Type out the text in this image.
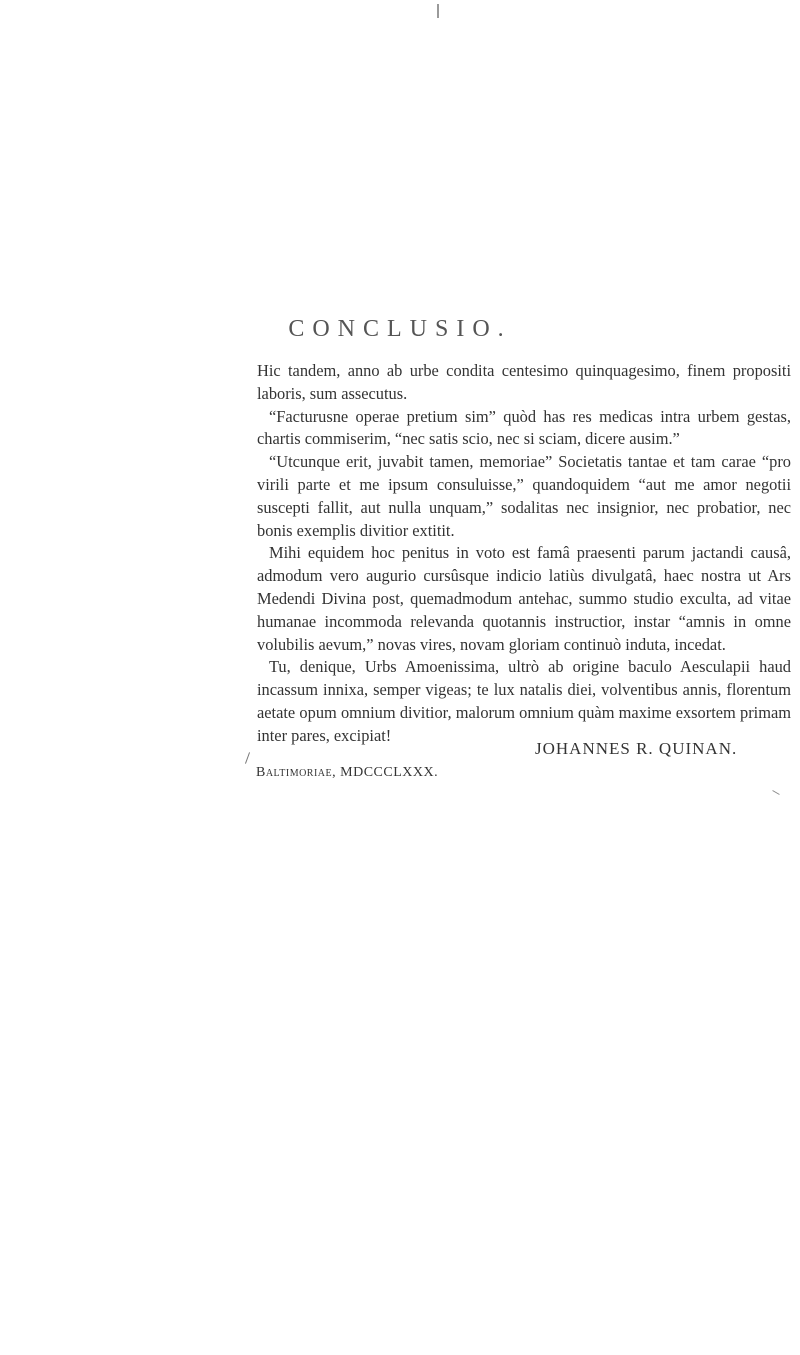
CONCLUSIO.

Hic tandem, anno ab urbe condita centesimo quinquagesimo, finem propositi laboris, sum assecutus.

“Facturusne operae pretium sim” quòd has res medicas intra urbem gestas, chartis commiserim, “nec satis scio, nec si sciam, dicere ausim.”

“Utcunque erit, juvabit tamen, memoriae” Societatis tantae et tam carae “pro virili parte et me ipsum consuluisse,” quandoquidem “aut me amor negotii suscepti fallit, aut nulla unquam,” sodalitas nec insignior, nec probatior, nec bonis exemplis divitior extitit.

Mihi equidem hoc penitus in voto est famâ praesenti parum jactandi causâ, admodum vero augurio cursûsque indicio latiùs divulgatâ, haec nostra ut Ars Medendi Divina post, quemadmodum antehac, summo studio exculta, ad vitae humanae incommoda relevanda quotannis instructior, instar “amnis in omne volubilis aevum,” novas vires, novam gloriam continuò induta, incedat.

Tu, denique, Urbs Amoenissima, ultrò ab origine baculo Aesculapii haud incassum innixa, semper vigeas; te lux natalis diei, volventibus annis, florentum aetate opum omnium divitior, malorum omnium quàm maxime exsortem primam inter pares, excipiat!

JOHANNES R. QUINAN.
Baltimoriae, MDCCCLXXX.
